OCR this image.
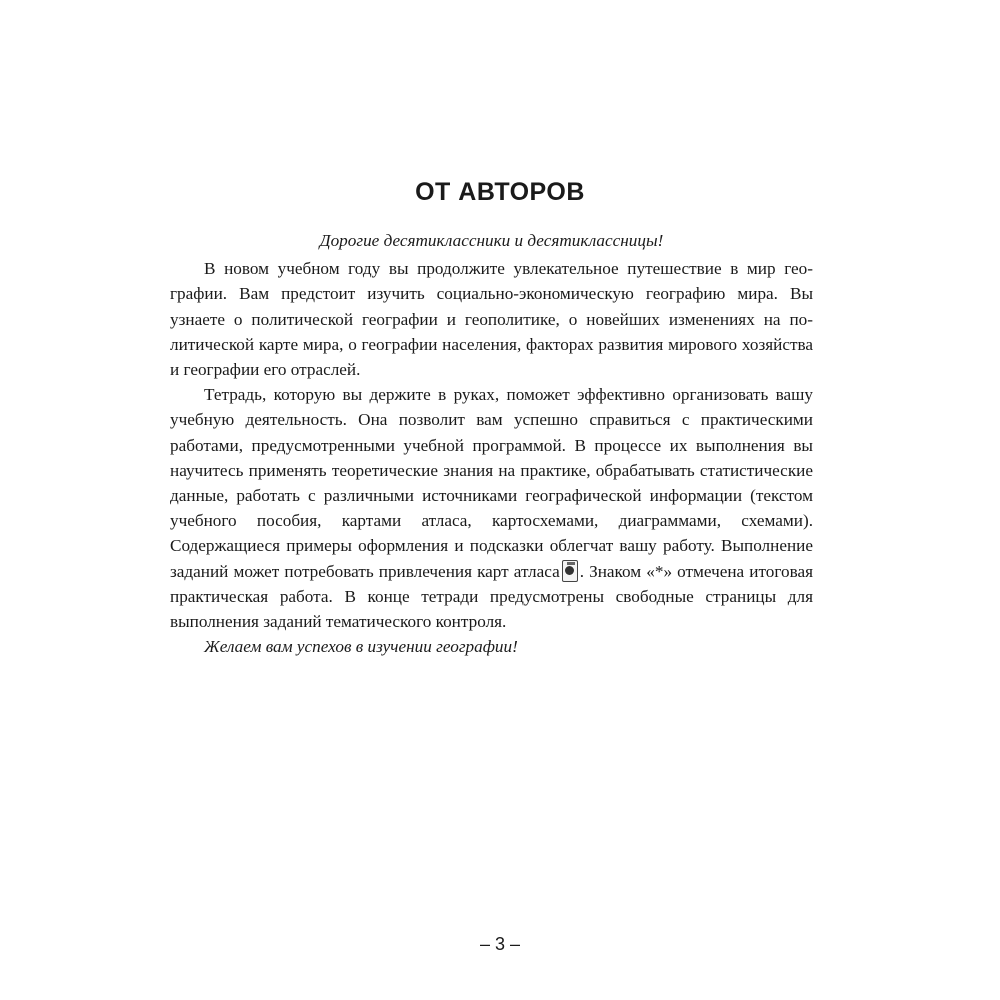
ОТ АВТОРОВ

Дорогие десятиклассники и десятиклассницы!

В новом учебном году вы продолжите увлекательное путешествие в мир географии. Вам предстоит изучить социально-экономическую географию мира. Вы узнаете о политической географии и геополитике, о новейших изменениях на политической карте мира, о географии населения, факторах развития мирового хозяйства и географии его отраслей.

Тетрадь, которую вы держите в руках, поможет эффективно организовать вашу учебную деятельность. Она позволит вам успешно справиться с практическими работами, предусмотренными учебной программой. В процессе их выполнения вы научитесь применять теоретические знания на практике, обрабатывать статистические данные, работать с различными источниками географической информации (текстом учебного пособия, картами атласа, картосхемами, диаграммами, схемами). Содержащиеся примеры оформления и подсказки облегчат вашу работу. Выполнение заданий может потребовать привлечения карт атласа . Знаком «*» отмечена итоговая практическая работа. В конце тетради предусмотрены свободные страницы для выполнения заданий тематического контроля.

Желаем вам успехов в изучении географии!

– 3 –
